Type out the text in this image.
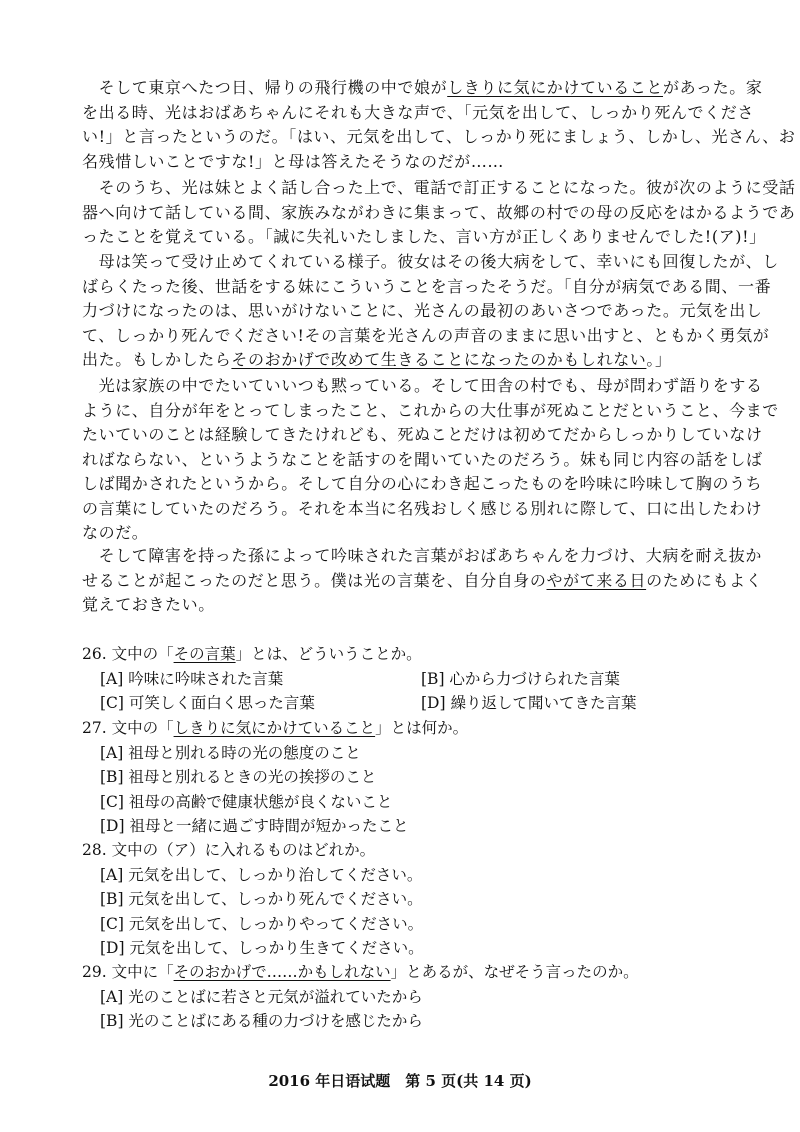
　そして東京へたつ日、帰りの飛行機の中で娘がしきりに気にかけていることがあった。家
を出る時、光はおばあちゃんにそれも大きな声で、「元気を出して、しっかり死んでくださ
い!」と言ったというのだ。「はい、元気を出して、しっかり死にましょう、しかし、光さん、お
名残惜しいことですな!」と母は答えたそうなのだが……
　そのうち、光は妹とよく話し合った上で、電話で訂正することになった。彼が次のように受話
器へ向けて話している間、家族みながわきに集まって、故郷の村での母の反応をはかるようであ
ったことを覚えている。「誠に失礼いたしました、言い方が正しくありませんでした!(ア)!」
　母は笑って受け止めてくれている様子。彼女はその後大病をして、幸いにも回復したが、し
ばらくたった後、世話をする妹にこういうことを言ったそうだ。「自分が病気である間、一番
力づけになったのは、思いがけないことに、光さんの最初のあいさつであった。元気を出し
て、しっかり死んでください!その言葉を光さんの声音のままに思い出すと、ともかく勇気が
出た。もしかしたらそのおかげで改めて生きることになったのかもしれない。」
　光は家族の中でたいていいつも黙っている。そして田舎の村でも、母が問わず語りをする
ように、自分が年をとってしまったこと、これからの大仕事が死ぬことだということ、今まで
たいていのことは経験してきたけれども、死ぬことだけは初めてだからしっかりしていなけ
ればならない、というようなことを話すのを聞いていたのだろう。妹も同じ内容の話をしば
しば聞かされたというから。そして自分の心にわき起こったものを吟味に吟味して胸のうち
の言葉にしていたのだろう。それを本当に名残おしく感じる別れに際して、口に出したわけ
なのだ。
　そして障害を持った孫によって吟味された言葉がおばあちゃんを力づけ、大病を耐え抜か
せることが起こったのだと思う。僕は光の言葉を、自分自身のやがて来る日のためにもよく
覚えておきたい。
26. 文中の「その言葉」とは、どういうことか。
[A] 吟味に吟味された言葉	[B] 心から力づけられた言葉
[C] 可笑しく面白く思った言葉	[D] 繰り返して聞いてきた言葉
27. 文中の「しきりに気にかけていること」とは何か。
[A] 祖母と別れる時の光の態度のこと
[B] 祖母と別れるときの光の挨拶のこと
[C] 祖母の高齢で健康状態が良くないこと
[D] 祖母と一緒に過ごす時間が短かったこと
28. 文中の（ア）に入れるものはどれか。
[A] 元気を出して、しっかり治してください。
[B] 元気を出して、しっかり死んでください。
[C] 元気を出して、しっかりやってください。
[D] 元気を出して、しっかり生きてください。
29. 文中に「そのおかげで……かもしれない」とあるが、なぜそう言ったのか。
[A] 光のことばに若さと元気が溢れていたから
[B] 光のことばにある種の力づけを感じたから
2016 年日语试题　第 5 页(共 14 页)
